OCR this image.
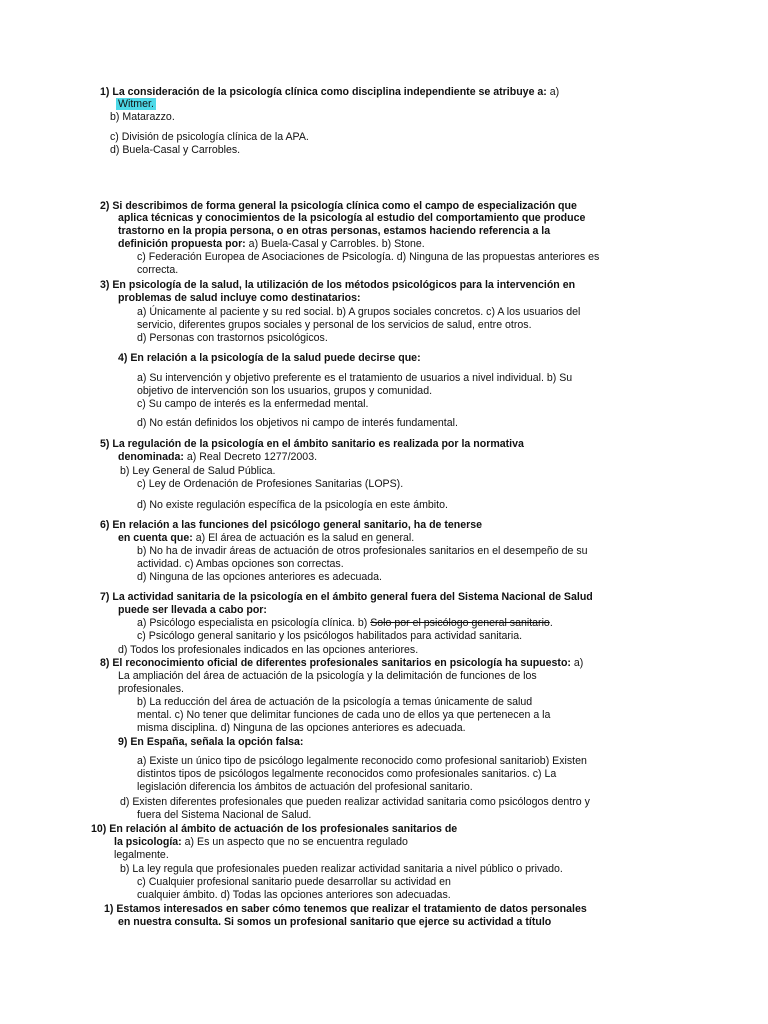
1) La consideración de la psicología clínica como disciplina independiente se atribuye a: a)
Witmer.
b) Matarazzo.
c) División de psicología clínica de la APA.
d) Buela-Casal y Carrobles.
2) Si describimos de forma general la psicología clínica como el campo de especialización que
aplica técnicas y conocimientos de la psicología al estudio del comportamiento que produce
trastorno en la propia persona, o en otras personas, estamos haciendo referencia a la
definición propuesta por: a) Buela-Casal y Carrobles. b) Stone.
c) Federación Europea de Asociaciones de Psicología. d) Ninguna de las propuestas anteriores es
correcta.
3) En psicología de la salud, la utilización de los métodos psicológicos para la intervención en
problemas de salud incluye como destinatarios:
a) Únicamente al paciente y su red social. b) A grupos sociales concretos. c) A los usuarios del
servicio, diferentes grupos sociales y personal de los servicios de salud, entre otros.
d) Personas con trastornos psicológicos.
4) En relación a la psicología de la salud puede decirse que:
a) Su intervención y objetivo preferente es el tratamiento de usuarios a nivel individual. b) Su
objetivo de intervención son los usuarios, grupos y comunidad.
c) Su campo de interés es la enfermedad mental.
d) No están definidos los objetivos ni campo de interés fundamental.
5) La regulación de la psicología en el ámbito sanitario es realizada por la normativa
denominada: a) Real Decreto 1277/2003.
b) Ley General de Salud Pública.
c) Ley de Ordenación de Profesiones Sanitarias (LOPS).
d) No existe regulación específica de la psicología en este ámbito.
6) En relación a las funciones del psicólogo general sanitario, ha de tenerse
en cuenta que: a) El área de actuación es la salud en general.
b) No ha de invadir áreas de actuación de otros profesionales sanitarios en el desempeño de su
actividad. c) Ambas opciones son correctas.
d) Ninguna de las opciones anteriores es adecuada.
7) La actividad sanitaria de la psicología en el ámbito general fuera del Sistema Nacional de Salud
puede ser llevada a cabo por:
a) Psicólogo especialista en psicología clínica. b) Solo por el psicólogo general sanitario.
c) Psicólogo general sanitario y los psicólogos habilitados para actividad sanitaria.
d) Todos los profesionales indicados en las opciones anteriores.
8) El reconocimiento oficial de diferentes profesionales sanitarios en psicología ha supuesto: a)
La ampliación del área de actuación de la psicología y la delimitación de funciones de los
profesionales.
b) La reducción del área de actuación de la psicología a temas únicamente de salud
mental. c) No tener que delimitar funciones de cada uno de ellos ya que pertenecen a la
misma disciplina. d) Ninguna de las opciones anteriores es adecuada.
9) En España, señala la opción falsa:
a) Existe un único tipo de psicólogo legalmente reconocido como profesional sanitariob) Existen
distintos tipos de psicólogos legalmente reconocidos como profesionales sanitarios. c) La
legislación diferencia los ámbitos de actuación del profesional sanitario.
d) Existen diferentes profesionales que pueden realizar actividad sanitaria como psicólogos dentro y
fuera del Sistema Nacional de Salud.
10) En relación al ámbito de actuación de los profesionales sanitarios de
la psicología: a) Es un aspecto que no se encuentra regulado
legalmente.
b) La ley regula que profesionales pueden realizar actividad sanitaria a nivel público o privado.
c) Cualquier profesional sanitario puede desarrollar su actividad en
cualquier ámbito. d) Todas las opciones anteriores son adecuadas.
1) Estamos interesados en saber cómo tenemos que realizar el tratamiento de datos personales
en nuestra consulta. Si somos un profesional sanitario que ejerce su actividad a título
